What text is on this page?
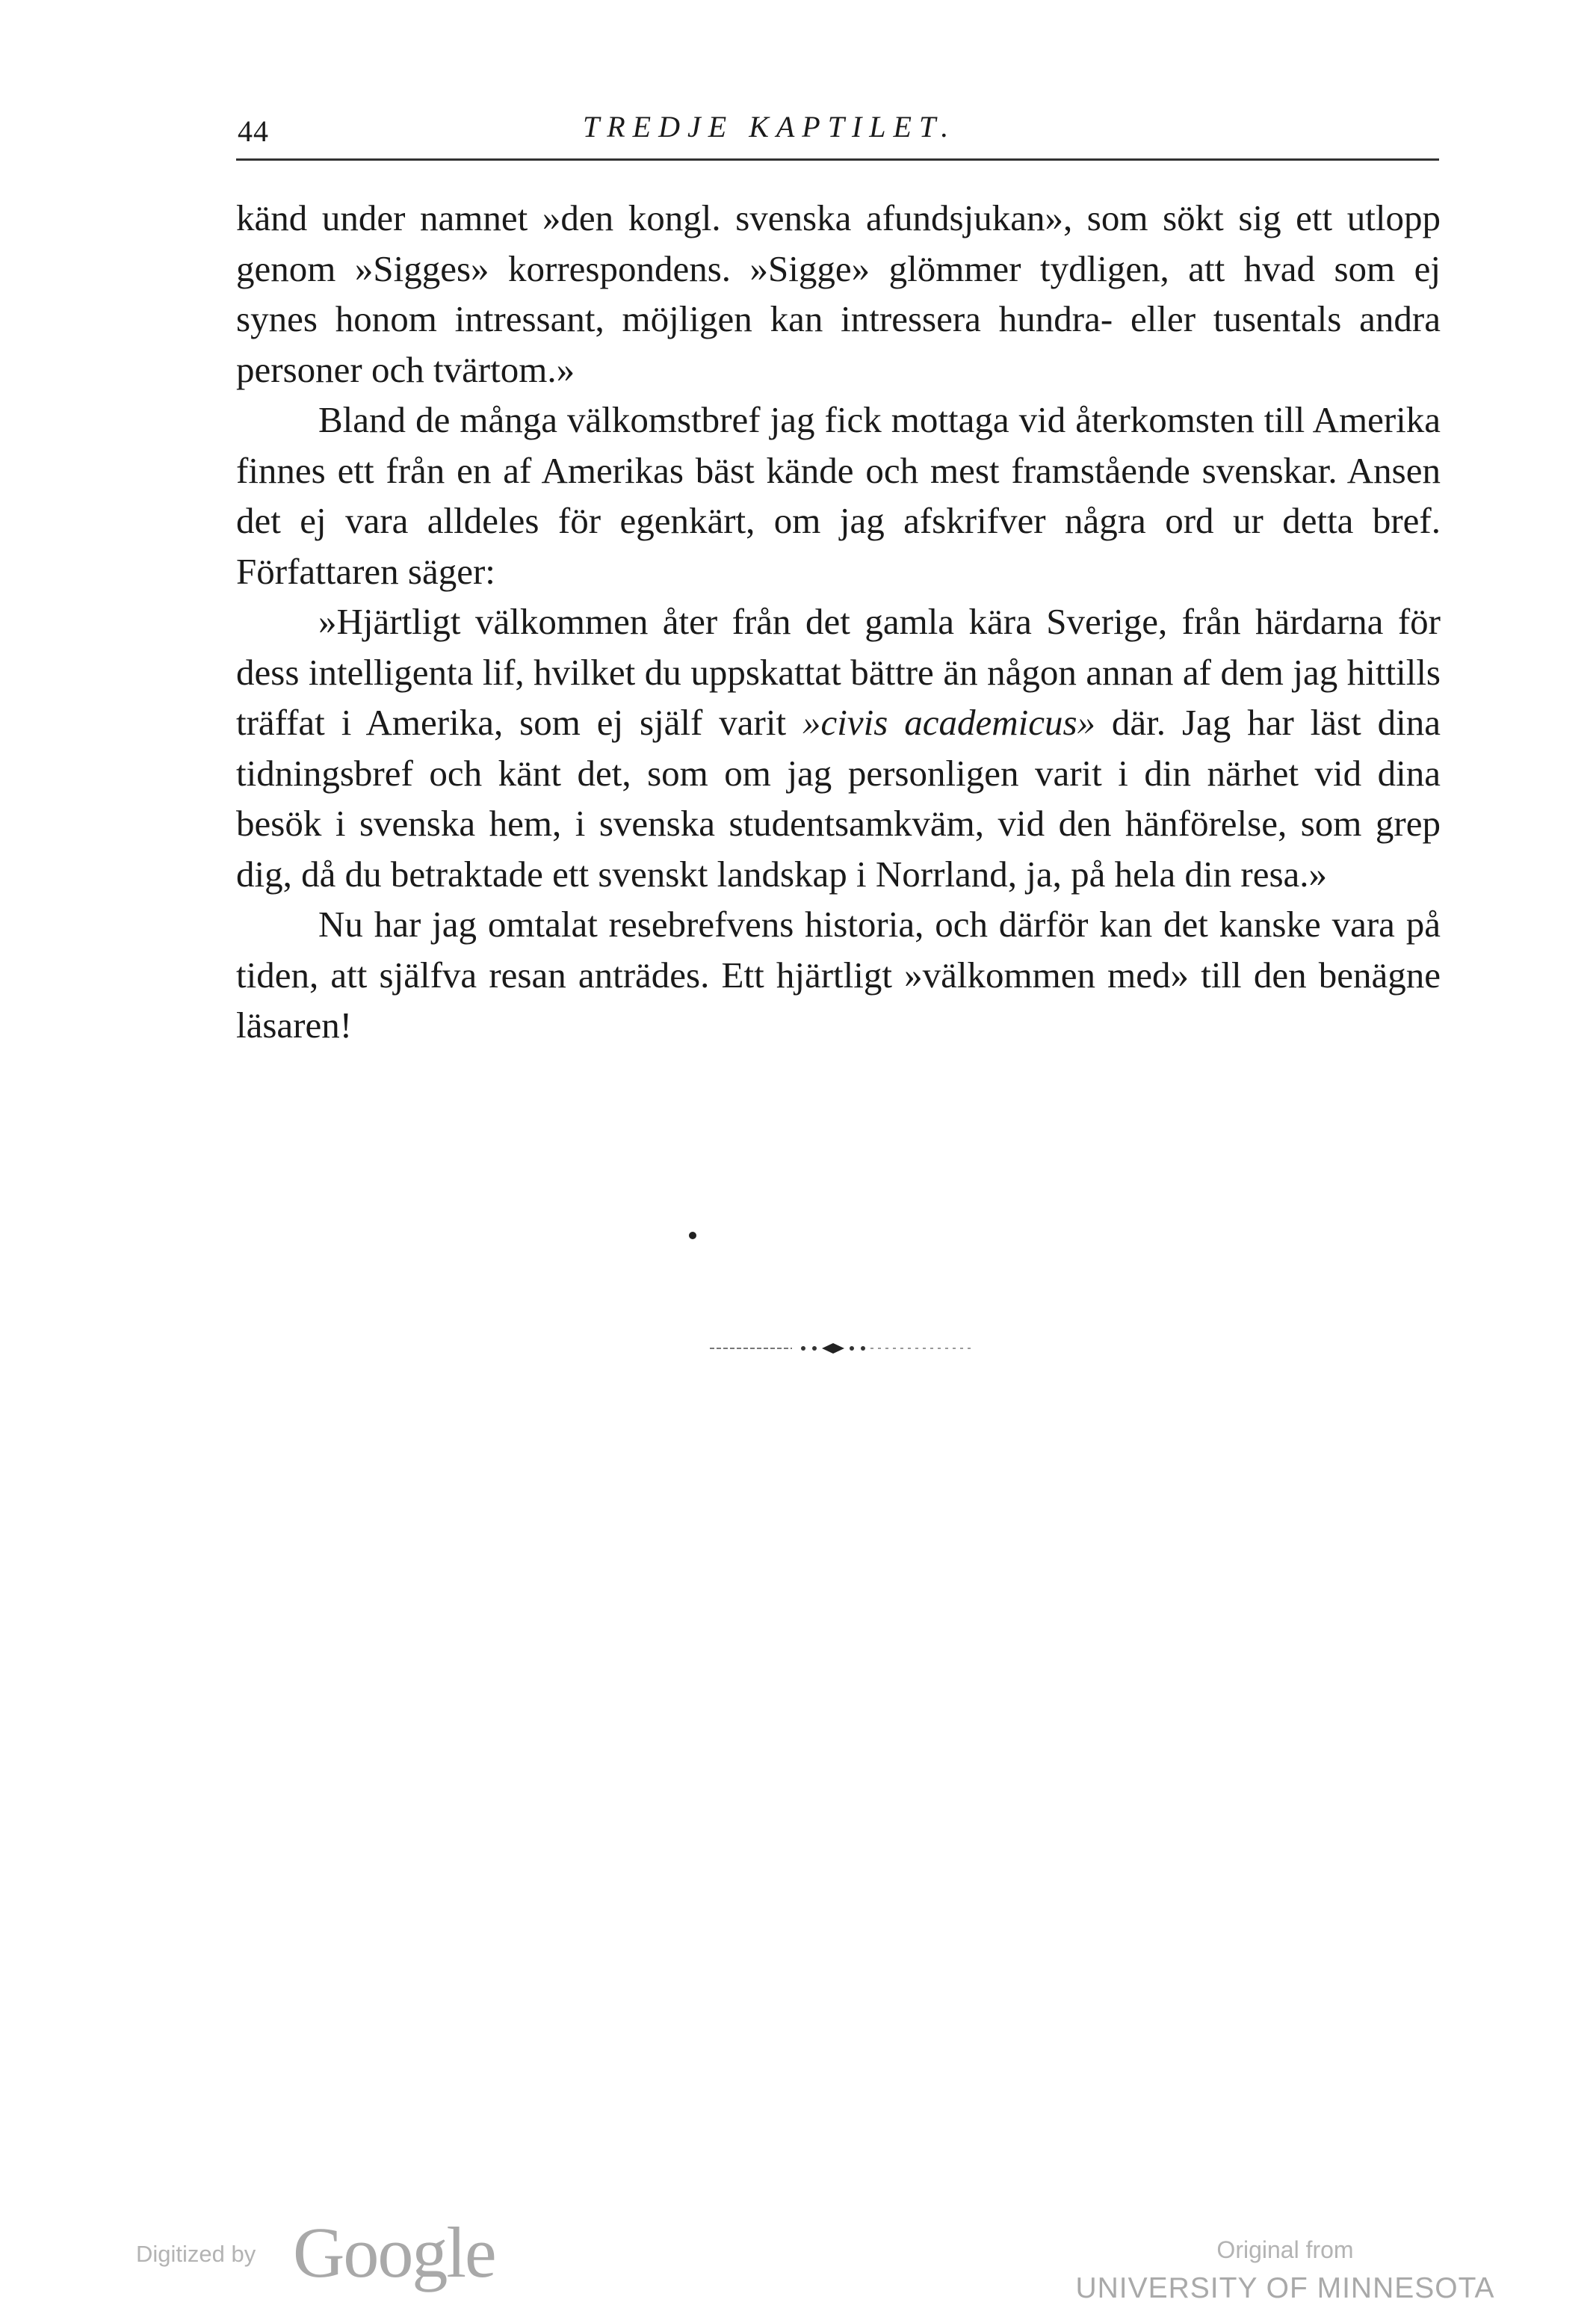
44	TREDJE KAPTILET.

känd under namnet »den kongl. svenska afundsjukan», som sökt sig ett utlopp genom »Sigges» korrespondens. »Sigge» glömmer tydligen, att hvad som ej synes honom intressant, möjligen kan intressera hundra- eller tusentals andra personer och tvärtom.»

Bland de många välkomstbref jag fick mottaga vid återkomsten till Amerika finnes ett från en af Amerikas bäst kände och mest framstående svenskar. Ansen det ej vara alldeles för egenkärt, om jag afskrifver några ord ur detta bref. Författaren säger:

»Hjärtligt välkommen åter från det gamla kära Sverige, från härdarna för dess intelligenta lif, hvilket du uppskattat bättre än någon annan af dem jag hittills träffat i Amerika, som ej själf varit »civis academicus» där. Jag har läst dina tidningsbref och känt det, som om jag personligen varit i din närhet vid dina besök i svenska hem, i svenska studentsamkväm, vid den hänförelse, som grep dig, då du betraktade ett svenskt landskap i Norrland, ja, på hela din resa.»

Nu har jag omtalat resebrefvens historia, och därför kan det kanske vara på tiden, att själfva resan anträdes. Ett hjärtligt »välkommen med» till den benägne läsaren!

Digitized by Google	Original from
UNIVERSITY OF MINNESOTA
